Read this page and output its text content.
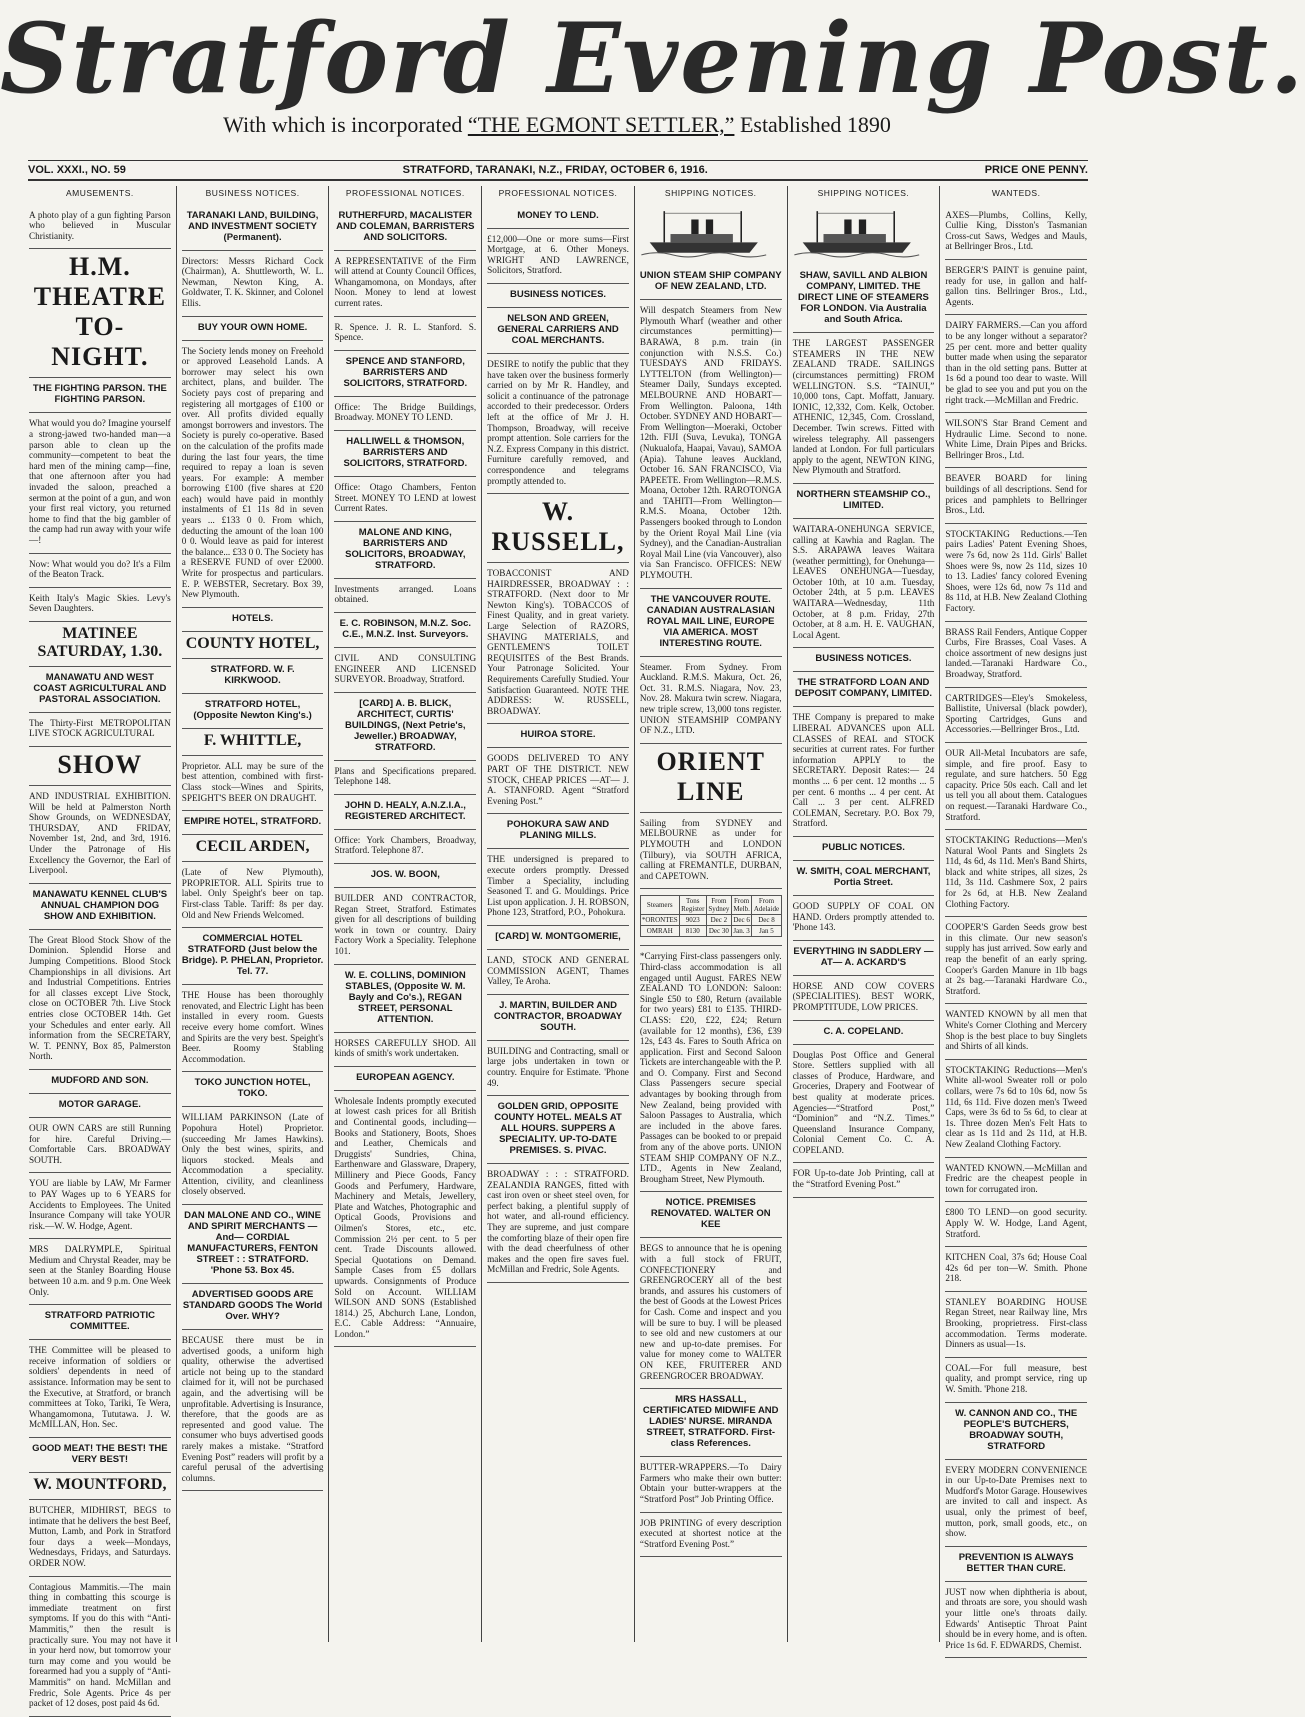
Stratford Evening Post.
With which is incorporated “THE EGMONT SETTLER,” Established 1890
VOL. XXXI., NO. 59	STRATFORD, TARANAKI, N.Z., FRIDAY, OCTOBER 6, 1916.	PRICE ONE PENNY.
AMUSEMENTS.
A photo play of a gun fighting Parson who believed in Muscular Christianity.
H.M. THEATRE TO-NIGHT.
THE FIGHTING PARSON. THE FIGHTING PARSON.
What would you do? Imagine yourself a strong-jawed two-handed man—a parson able to clean up the community—competent to beat the hard men of the mining camp—fine, that one afternoon after you had invaded the saloon, preached a sermon at the point of a gun, and won your first real victory, you returned home to find that the big gambler of the camp had run away with your wife—!
Now: What would you do? It's a Film of the Beaton Track.
Keith Italy's Magic Skies. Levy's Seven Daughters.
MATINEE SATURDAY, 1.30.
MANAWATU AND WEST COAST AGRICULTURAL AND PASTORAL ASSOCIATION.
The Thirty-First METROPOLITAN LIVE STOCK AGRICULTURAL
SHOW
AND INDUSTRIAL EXHIBITION. Will be held at Palmerston North Show Grounds, on WEDNESDAY, THURSDAY, AND FRIDAY, November 1st, 2nd, and 3rd, 1916. Under the Patronage of His Excellency the Governor, the Earl of Liverpool.
MANAWATU KENNEL CLUB'S ANNUAL CHAMPION DOG SHOW AND EXHIBITION.
The Great Blood Stock Show of the Dominion. Splendid Horse and Jumping Competitions. Blood Stock Championships in all divisions. Art and Industrial Competitions. Entries for all classes except Live Stock, close on OCTOBER 7th. Live Stock entries close OCTOBER 14th. Get your Schedules and enter early. All information from the SECRETARY, W. T. PENNY, Box 85, Palmerston North.
MUDFORD AND SON.
MOTOR GARAGE.
OUR OWN CARS are still Running for hire. Careful Driving.—Comfortable Cars. BROADWAY SOUTH.
YOU are liable by LAW, Mr Farmer to PAY Wages up to 6 YEARS for Accidents to Employees. The United Insurance Company will take YOUR risk.—W. W. Hodge, Agent.
MRS DALRYMPLE, Spiritual Medium and Chrystal Reader, may be seen at the Stanley Boarding House between 10 a.m. and 9 p.m. One Week Only.
STRATFORD PATRIOTIC COMMITTEE.
THE Committee will be pleased to receive information of soldiers or soldiers' dependents in need of assistance. Information may be sent to the Executive, at Stratford, or branch committees at Toko, Tariki, Te Wera, Whangamomona, Tututawa. J. W. McMILLAN, Hon. Sec.
GOOD MEAT! THE BEST! THE VERY BEST!
W. MOUNTFORD,
BUTCHER, MIDHIRST, BEGS to intimate that he delivers the best Beef, Mutton, Lamb, and Pork in Stratford four days a week—Mondays, Wednesdays, Fridays, and Saturdays. ORDER NOW.
Contagious Mammitis.—The main thing in combatting this scourge is immediate treatment on first symptoms. If you do this with “Anti-Mammitis,” then the result is practically sure. You may not have it in your herd now, but tomorrow your turn may come and you would be forearmed had you a supply of “Anti-Mammitis” on hand. McMillan and Fredric, Sole Agents. Price 4s per packet of 12 doses, post paid 4s 6d.
BUSINESS NOTICES.
TARANAKI LAND, BUILDING, AND INVESTMENT SOCIETY (Permanent).
Directors: Messrs Richard Cock (Chairman), A. Shuttleworth, W. L. Newman, Newton King, A. Goldwater, T. K. Skinner, and Colonel Ellis.
BUY YOUR OWN HOME.
The Society lends money on Freehold or approved Leasehold Lands. A borrower may select his own architect, plans, and builder. The Society pays cost of preparing and registering all mortgages of £100 or over. All profits divided equally amongst borrowers and investors. The Society is purely co-operative. Based on the calculation of the profits made during the last four years, the time required to repay a loan is seven years. For example: A member borrowing £100 (five shares at £20 each) would have paid in monthly instalments of £1 11s 8d in seven years ... £133 0 0. From which, deducting the amount of the loan 100 0 0. Would leave as paid for interest the balance... £33 0 0. The Society has a RESERVE FUND of over £2000. Write for prospectus and particulars. E. P. WEBSTER, Secretary. Box 39, New Plymouth.
HOTELS.
COUNTY HOTEL,
STRATFORD. W. F. KIRKWOOD.
STRATFORD HOTEL, (Opposite Newton King's.)
F. WHITTLE,
Proprietor. ALL may be sure of the best attention, combined with first-Class stock—Wines and Spirits, SPEIGHT'S BEER ON DRAUGHT.
EMPIRE HOTEL, STRATFORD.
CECIL ARDEN,
(Late of New Plymouth), PROPRIETOR. ALL Spirits true to label. Only Speight's beer on tap. First-class Table. Tariff: 8s per day. Old and New Friends Welcomed.
COMMERCIAL HOTEL STRATFORD (Just below the Bridge). P. PHELAN, Proprietor. Tel. 77.
THE House has been thoroughly renovated, and Electric Light has been installed in every room. Guests receive every home comfort. Wines and Spirits are the very best. Speight's Beer. Roomy Stabling Accommodation.
TOKO JUNCTION HOTEL, TOKO.
WILLIAM PARKINSON (Late of Popohura Hotel) Proprietor. (succeeding Mr James Hawkins). Only the best wines, spirits, and liquors stocked. Meals and Accommodation a speciality. Attention, civility, and cleanliness closely observed.
DAN MALONE AND CO., WINE AND SPIRIT MERCHANTS —And— CORDIAL MANUFACTURERS, FENTON STREET : : STRATFORD. 'Phone 53. Box 45.
ADVERTISED GOODS ARE STANDARD GOODS The World Over. WHY?
BECAUSE there must be in advertised goods, a uniform high quality, otherwise the advertised article not being up to the standard claimed for it, will not be purchased again, and the advertising will be unprofitable. Advertising is Insurance, therefore, that the goods are as represented and good value. The consumer who buys advertised goods rarely makes a mistake. “Stratford Evening Post” readers will profit by a careful perusal of the advertising columns.
PROFESSIONAL NOTICES.
RUTHERFURD, MACALISTER AND COLEMAN, BARRISTERS AND SOLICITORS.
A REPRESENTATIVE of the Firm will attend at County Council Offices, Whangamomona, on Mondays, after Noon. Money to lend at lowest current rates.
R. Spence. J. R. L. Stanford. S. Spence.
SPENCE AND STANFORD, BARRISTERS AND SOLICITORS, STRATFORD.
Office: The Bridge Buildings, Broadway. MONEY TO LEND.
HALLIWELL & THOMSON, BARRISTERS AND SOLICITORS, STRATFORD.
Office: Otago Chambers, Fenton Street. MONEY TO LEND at lowest Current Rates.
MALONE AND KING, BARRISTERS AND SOLICITORS, BROADWAY, STRATFORD.
Investments arranged. Loans obtained.
E. C. ROBINSON, M.N.Z. Soc. C.E., M.N.Z. Inst. Surveyors.
CIVIL AND CONSULTING ENGINEER AND LICENSED SURVEYOR. Broadway, Stratford.
[CARD] A. B. BLICK, ARCHITECT, CURTIS' BUILDINGS, (Next Petrie's, Jeweller.) BROADWAY, STRATFORD.
Plans and Specifications prepared. Telephone 148.
JOHN D. HEALY, A.N.Z.I.A., REGISTERED ARCHITECT.
Office: York Chambers, Broadway, Stratford. Telephone 87.
JOS. W. BOON,
BUILDER AND CONTRACTOR, Regan Street, Stratford. Estimates given for all descriptions of building work in town or country. Dairy Factory Work a Speciality. Telephone 101.
W. E. COLLINS, DOMINION STABLES, (Opposite W. M. Bayly and Co's.), REGAN STREET, PERSONAL ATTENTION.
HORSES CAREFULLY SHOD. All kinds of smith's work undertaken.
EUROPEAN AGENCY.
Wholesale Indents promptly executed at lowest cash prices for all British and Continental goods, including—Books and Stationery, Boots, Shoes and Leather, Chemicals and Druggists' Sundries, China, Earthenware and Glassware, Drapery, Millinery and Piece Goods, Fancy Goods and Perfumery, Hardware, Machinery and Metals, Jewellery, Plate and Watches, Photographic and Optical Goods, Provisions and Oilmen's Stores, etc., etc. Commission 2½ per cent. to 5 per cent. Trade Discounts allowed. Special Quotations on Demand. Sample Cases from £5 dollars upwards. Consignments of Produce Sold on Account. WILLIAM WILSON AND SONS (Established 1814.) 25, Abchurch Lane, London, E.C. Cable Address: “Annuaire, London.”
PROFESSIONAL NOTICES.
MONEY TO LEND.
£12,000—One or more sums—First Mortgage, at 6. Other Moneys. WRIGHT AND LAWRENCE, Solicitors, Stratford.
BUSINESS NOTICES.
NELSON AND GREEN, GENERAL CARRIERS AND COAL MERCHANTS.
DESIRE to notify the public that they have taken over the business formerly carried on by Mr R. Handley, and solicit a continuance of the patronage accorded to their predecessor. Orders left at the office of Mr J. H. Thompson, Broadway, will receive prompt attention. Sole carriers for the N.Z. Express Company in this district. Furniture carefully removed, and correspondence and telegrams promptly attended to.
W. RUSSELL,
TOBACCONIST AND HAIRDRESSER, BROADWAY : : STRATFORD. (Next door to Mr Newton King's). TOBACCOS of Finest Quality, and in great variety. Large Selection of RAZORS, SHAVING MATERIALS, and GENTLEMEN'S TOILET REQUISITES of the Best Brands. Your Patronage Solicited. Your Requirements Carefully Studied. Your Satisfaction Guaranteed. NOTE THE ADDRESS: W. RUSSELL, BROADWAY.
HUIROA STORE.
GOODS DELIVERED TO ANY PART OF THE DISTRICT. NEW STOCK, CHEAP PRICES —AT— J. A. STANFORD. Agent “Stratford Evening Post.”
POHOKURA SAW AND PLANING MILLS.
THE undersigned is prepared to execute orders promptly. Dressed Timber a Speciality, including Seasoned T. and G. Mouldings. Price List upon application. J. H. ROBSON, Phone 123, Stratford, P.O., Pohokura.
[CARD] W. MONTGOMERIE,
LAND, STOCK AND GENERAL COMMISSION AGENT, Thames Valley, Te Aroha.
J. MARTIN, BUILDER AND CONTRACTOR, BROADWAY SOUTH.
BUILDING and Contracting, small or large jobs undertaken in town or country. Enquire for Estimate. 'Phone 49.
GOLDEN GRID, OPPOSITE COUNTY HOTEL. MEALS AT ALL HOURS. SUPPERS A SPECIALITY. UP-TO-DATE PREMISES. S. PIVAC.
BROADWAY : : : STRATFORD. ZEALANDIA RANGES, fitted with cast iron oven or sheet steel oven, for perfect baking, a plentiful supply of hot water, and all-round efficiency. They are supreme, and just compare the comforting blaze of their open fire with the dead cheerfulness of other makes and the open fire saves fuel. McMillan and Fredric, Sole Agents.
SHIPPING NOTICES.
UNION STEAM SHIP COMPANY OF NEW ZEALAND, LTD.
Will despatch Steamers from New Plymouth Wharf (weather and other circumstances permitting)— BARAWA, 8 p.m. train (in conjunction with N.S.S. Co.) TUESDAYS AND FRIDAYS. LYTTELTON (from Wellington)—Steamer Daily, Sundays excepted. MELBOURNE AND HOBART—From Wellington. Paloona, 14th October. SYDNEY AND HOBART—From Wellington—Moeraki, October 12th. FIJI (Suva, Levuka), TONGA (Nukualofa, Haapai, Vavau), SAMOA (Apia). Tahune leaves Auckland, October 16. SAN FRANCISCO, Via PAPEETE. From Wellington—R.M.S. Moana, October 12th. RAROTONGA and TAHITI—From Wellington—R.M.S. Moana, October 12th. Passengers booked through to London by the Orient Royal Mail Line (via Sydney), and the Canadian-Australian Royal Mail Line (via Vancouver), also via San Francisco. OFFICES: NEW PLYMOUTH.
THE VANCOUVER ROUTE. CANADIAN AUSTRALASIAN ROYAL MAIL LINE, EUROPE VIA AMERICA. MOST INTERESTING ROUTE.
Steamer. From Sydney. From Auckland. R.M.S. Makura, Oct. 26, Oct. 31. R.M.S. Niagara, Nov. 23, Nov. 28. Makura twin screw. Niagara, new triple screw, 13,000 tons register. UNION STEAMSHIP COMPANY OF N.Z., LTD.
ORIENT LINE
Sailing from SYDNEY and MELBOURNE as under for PLYMOUTH and LONDON (Tilbury), via SOUTH AFRICA, calling at FREMANTLE, DURBAN, and CAPETOWN.
Steamers	Tons Register	From Sydney	From Melb.	From Adelaide
*ORONTES	9023	Dec 2	Dec 6	Dec 8
OMRAH	8130	Dec 30	Jan. 3	Jan 5
*Carrying First-class passengers only. Third-class accommodation is all engaged until August. FARES NEW ZEALAND TO LONDON: Saloon: Single £50 to £80, Return (available for two years) £81 to £135. THIRD-CLASS: £20, £22, £24; Return (available for 12 months), £36, £39 12s, £43 4s. Fares to South Africa on application. First and Second Saloon Tickets are interchangeable with the P. and O. Company. First and Second Class Passengers secure special advantages by booking through from New Zealand, being provided with Saloon Passages to Australia, which are included in the above fares. Passages can be booked to or prepaid from any of the above ports. UNION STEAM SHIP COMPANY OF N.Z., LTD., Agents in New Zealand, Brougham Street, New Plymouth.
NOTICE. PREMISES RENOVATED. WALTER ON KEE
BEGS to announce that he is opening with a full stock of FRUIT, CONFECTIONERY and GREENGROCERY all of the best brands, and assures his customers of the best of Goods at the Lowest Prices for Cash. Come and inspect and you will be sure to buy. I will be pleased to see old and new customers at our new and up-to-date premises. For value for money come to WALTER ON KEE, FRUITERER AND GREENGROCER BROADWAY.
MRS HASSALL, CERTIFICATED MIDWIFE AND LADIES' NURSE. MIRANDA STREET, STRATFORD. First-class References.
BUTTER-WRAPPERS.—To Dairy Farmers who make their own butter: Obtain your butter-wrappers at the “Stratford Post” Job Printing Office.
JOB PRINTING of every description executed at shortest notice at the “Stratford Evening Post.”
SHIPPING NOTICES.
SHAW, SAVILL AND ALBION COMPANY, LIMITED. THE DIRECT LINE OF STEAMERS FOR LONDON. Via Australia and South Africa.
THE LARGEST PASSENGER STEAMERS IN THE NEW ZEALAND TRADE. SAILINGS (circumstances permitting) FROM WELLINGTON. S.S. “TAINUI,” 10,000 tons, Capt. Moffatt, January. IONIC, 12,332, Com. Kelk, October. ATHENIC, 12,345, Com. Crossland, December. Twin screws. Fitted with wireless telegraphy. All passengers landed at London. For full particulars apply to the agent, NEWTON KING, New Plymouth and Stratford.
NORTHERN STEAMSHIP CO., LIMITED.
WAITARA-ONEHUNGA SERVICE, calling at Kawhia and Raglan. The S.S. ARAPAWA leaves Waitara (weather permitting), for Onehunga— LEAVES ONEHUNGA—Tuesday, October 10th, at 10 a.m. Tuesday, October 24th, at 5 p.m. LEAVES WAITARA—Wednesday, 11th October, at 8 p.m. Friday, 27th October, at 8 a.m. H. E. VAUGHAN, Local Agent.
BUSINESS NOTICES.
THE STRATFORD LOAN AND DEPOSIT COMPANY, LIMITED.
THE Company is prepared to make LIBERAL ADVANCES upon ALL CLASSES of REAL and STOCK securities at current rates. For further information APPLY to the SECRETARY. Deposit Rates:— 24 months ... 6 per cent. 12 months ... 5 per cent. 6 months ... 4 per cent. At Call ... 3 per cent. ALFRED COLEMAN, Secretary. P.O. Box 79, Stratford.
PUBLIC NOTICES.
W. SMITH, COAL MERCHANT, Portia Street.
GOOD SUPPLY OF COAL ON HAND. Orders promptly attended to. 'Phone 143.
EVERYTHING IN SADDLERY —AT— A. ACKARD'S
HORSE AND COW COVERS (SPECIALITIES). BEST WORK, PROMPTITUDE, LOW PRICES.
C. A. COPELAND.
Douglas Post Office and General Store. Settlers supplied with all classes of Produce, Hardware, and Groceries, Drapery and Footwear of best quality at moderate prices. Agencies—“Stratford Post,” “Dominion” and “N.Z. Times.” Queensland Insurance Company, Colonial Cement Co. C. A. COPELAND.
FOR Up-to-date Job Printing, call at the “Stratford Evening Post.”
WANTEDS.
AXES—Plumbs, Collins, Kelly, Cullie King, Disston's Tasmanian Cross-cut Saws, Wedges and Mauls, at Bellringer Bros., Ltd.
BERGER'S PAINT is genuine paint, ready for use, in gallon and half-gallon tins. Bellringer Bros., Ltd., Agents.
DAIRY FARMERS.—Can you afford to be any longer without a separator? 25 per cent. more and better quality butter made when using the separator than in the old setting pans. Butter at 1s 6d a pound too dear to waste. Will be glad to see you and put you on the right track.—McMillan and Fredric.
WILSON'S Star Brand Cement and Hydraulic Lime. Second to none. White Lime, Drain Pipes and Bricks. Bellringer Bros., Ltd.
BEAVER BOARD for lining buildings of all descriptions. Send for prices and pamphlets to Bellringer Bros., Ltd.
STOCKTAKING Reductions.—Ten pairs Ladies' Patent Evening Shoes, were 7s 6d, now 2s 11d. Girls' Ballet Shoes were 9s, now 2s 11d, sizes 10 to 13. Ladies' fancy colored Evening Shoes, were 12s 6d, now 7s 11d and 8s 11d, at H.B. New Zealand Clothing Factory.
BRASS Rail Fenders, Antique Copper Curbs, Fire Brasses, Coal Vases. A choice assortment of new designs just landed.—Taranaki Hardware Co., Broadway, Stratford.
CARTRIDGES—Eley's Smokeless, Ballistite, Universal (black powder), Sporting Cartridges, Guns and Accessories.—Bellringer Bros., Ltd.
OUR All-Metal Incubators are safe, simple, and fire proof. Easy to regulate, and sure hatchers. 50 Egg capacity. Price 50s each. Call and let us tell you all about them. Catalogues on request.—Taranaki Hardware Co., Stratford.
STOCKTAKING Reductions—Men's Natural Wool Pants and Singlets 2s 11d, 4s 6d, 4s 11d. Men's Band Shirts, black and white stripes, all sizes, 2s 11d, 3s 11d. Cashmere Sox, 2 pairs for 2s 6d, at H.B. New Zealand Clothing Factory.
COOPER'S Garden Seeds grow best in this climate. Our new season's supply has just arrived. Sow early and reap the benefit of an early spring. Cooper's Garden Manure in 1lb bags at 2s bag.—Taranaki Hardware Co., Stratford.
WANTED KNOWN by all men that White's Corner Clothing and Mercery Shop is the best place to buy Singlets and Shirts of all kinds.
STOCKTAKING Reductions—Men's White all-wool Sweater roll or polo collars, were 7s 6d to 10s 6d, now 5s 11d, 6s 11d. Five dozen men's Tweed Caps, were 3s 6d to 5s 6d, to clear at 1s. Three dozen Men's Felt Hats to clear as 1s 11d and 2s 11d, at H.B. New Zealand Clothing Factory.
WANTED KNOWN.—McMillan and Fredric are the cheapest people in town for corrugated iron.
£800 TO LEND—on good security. Apply W. W. Hodge, Land Agent, Stratford.
KITCHEN Coal, 37s 6d; House Coal 42s 6d per ton—W. Smith. Phone 218.
STANLEY BOARDING HOUSE Regan Street, near Railway line, Mrs Brooking, proprietress. First-class accommodation. Terms moderate. Dinners as usual—1s.
COAL—For full measure, best quality, and prompt service, ring up W. Smith. 'Phone 218.
W. CANNON AND CO., THE PEOPLE'S BUTCHERS, BROADWAY SOUTH, STRATFORD
EVERY MODERN CONVENIENCE in our Up-to-Date Premises next to Mudford's Motor Garage. Housewives are invited to call and inspect. As usual, only the primest of beef, mutton, pork, small goods, etc., on show.
PREVENTION IS ALWAYS BETTER THAN CURE.
JUST now when diphtheria is about, and throats are sore, you should wash your little one's throats daily. Edwards' Antiseptic Throat Paint should be in every home, and is often. Price 1s 6d. F. EDWARDS, Chemist.
